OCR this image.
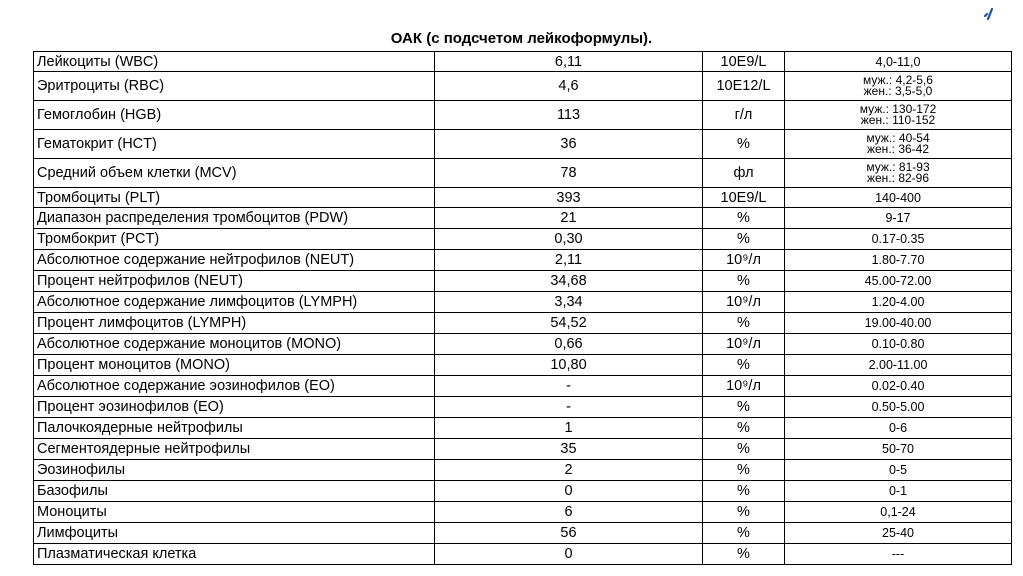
ОАК (с подсчетом лейкоформулы).
Лейкоциты (WBC)	6,11	10E9/L	4,0-11,0

Эритроциты (RBC)	4,6	10E12/L	муж.: 4,2-5,6
жен.: 3,5-5,0

Гемоглобин (HGB)	113	г/л	муж.: 130-172
жен.: 110-152

Гематокрит (HCT)	36	%	муж.: 40-54
жен.: 36-42

Средний объем клетки (MCV)	78	фл	муж.: 81-93
жен.: 82-96

Тромбоциты (PLT)	393	10E9/L	140-400

Диапазон распределения тромбоцитов (PDW)	21	%	9-17

Тромбокрит (PCT)	0,30	%	0.17-0.35

Абсолютное содержание нейтрофилов (NEUT)	2,11	10⁹/л	1.80-7.70

Процент нейтрофилов (NEUT)	34,68	%	45.00-72.00

Абсолютное содержание лимфоцитов (LYMPH)	3,34	10⁹/л	1.20-4.00

Процент лимфоцитов (LYMPH)	54,52	%	19.00-40.00

Абсолютное содержание моноцитов (MONO)	0,66	10⁹/л	0.10-0.80

Процент моноцитов (MONO)	10,80	%	2.00-11.00

Абсолютное содержание эозинофилов (EO)	-	10⁹/л	0.02-0.40

Процент эозинофилов (EO)	-	%	0.50-5.00

Палочкоядерные нейтрофилы	1	%	0-6

Сегментоядерные нейтрофилы	35	%	50-70

Эозинофилы	2	%	0-5

Базофилы	0	%	0-1

Моноциты	6	%	0,1-24

Лимфоциты	56	%	25-40

Плазматическая клетка	0	%	---
